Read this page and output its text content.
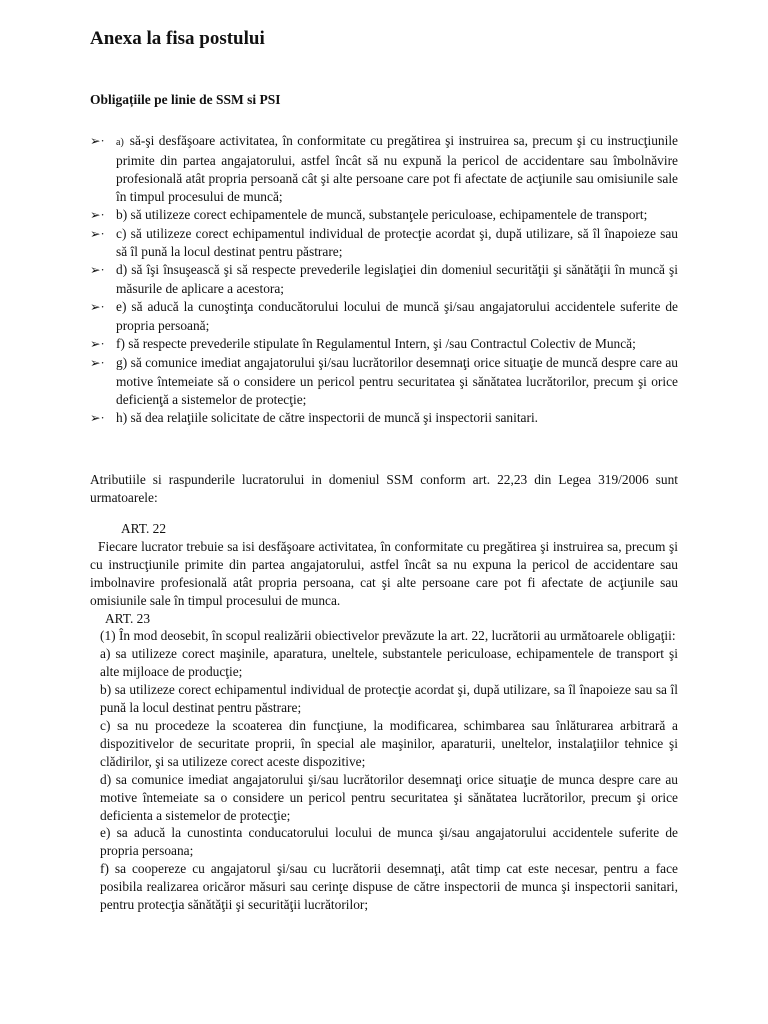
Anexa la fisa postului
Obligațiile pe linie de SSM si PSI
➢· a) să-şi desfăşoare activitatea, în conformitate cu pregătirea şi instruirea sa, precum şi cu instrucţiunile primite din partea angajatorului, astfel încât să nu expună la pericol de accidentare sau îmbolnăvire profesională atât propria persoană cât şi alte persoane care pot fi afectate de acţiunile sau omisiunile sale în timpul procesului de muncă;
➢· b) să utilizeze corect echipamentele de muncă, substanţele periculoase, echipamentele de transport;
➢· c) să utilizeze corect echipamentul individual de protecţie acordat şi, după utilizare, să îl înapoieze sau să îl pună la locul destinat pentru păstrare;
➢· d) să îşi însuşească şi să respecte prevederile legislaţiei din domeniul securităţii şi sănătăţii în muncă şi măsurile de aplicare a acestora;
➢· e) să aducă la cunoştinţa conducătorului locului de muncă şi/sau angajatorului accidentele suferite de propria persoană;
➢· f) să respecte prevederile stipulate în Regulamentul Intern, şi /sau Contractul Colectiv de Muncă;
➢· g) să comunice imediat angajatorului şi/sau lucrătorilor desemnaţi orice situaţie de muncă despre care au motive întemeiate să o considere un pericol pentru securitatea şi sănătatea lucrătorilor, precum şi orice deficienţă a sistemelor de protecţie;
➢· h) să dea relaţiile solicitate de către inspectorii de muncă şi inspectorii sanitari.
Atributiile si raspunderile lucratorului in domeniul SSM conform art. 22,23 din Legea 319/2006 sunt urmatoarele:
ART. 22
Fiecare lucrator trebuie sa isi desfăşoare activitatea, în conformitate cu pregătirea şi instruirea sa, precum şi cu instrucţiunile primite din partea angajatorului, astfel încât sa nu expuna la pericol de accidentare sau imbolnavire profesională atât propria persoana, cat şi alte persoane care pot fi afectate de acţiunile sau omisiunile sale în timpul procesului de munca.
ART. 23
(1) În mod deosebit, în scopul realizării obiectivelor prevăzute la art. 22, lucrătorii au următoarele obligaţii:
a) sa utilizeze corect maşinile, aparatura, uneltele, substantele periculoase, echipamentele de transport şi alte mijloace de producţie;
b) sa utilizeze corect echipamentul individual de protecţie acordat şi, după utilizare, sa îl înapoieze sau sa îl pună la locul destinat pentru păstrare;
c) sa nu procedeze la scoaterea din funcţiune, la modificarea, schimbarea sau înlăturarea arbitrară a dispozitivelor de securitate proprii, în special ale maşinilor, aparaturii, uneltelor, instalaţiilor tehnice şi clădirilor, şi sa utilizeze corect aceste dispozitive;
d) sa comunice imediat angajatorului şi/sau lucrătorilor desemnaţi orice situaţie de munca despre care au motive întemeiate sa o considere un pericol pentru securitatea şi sănătatea lucrătorilor, precum şi orice deficienta a sistemelor de protecţie;
e) sa aducă la cunostinta conducatorului locului de munca şi/sau angajatorului accidentele suferite de propria persoana;
f) sa coopereze cu angajatorul şi/sau cu lucrătorii desemnaţi, atât timp cat este necesar, pentru a face posibila realizarea oricăror măsuri sau cerinţe dispuse de către inspectorii de munca şi inspectorii sanitari, pentru protecţia sănătăţii şi securităţii lucrătorilor;
